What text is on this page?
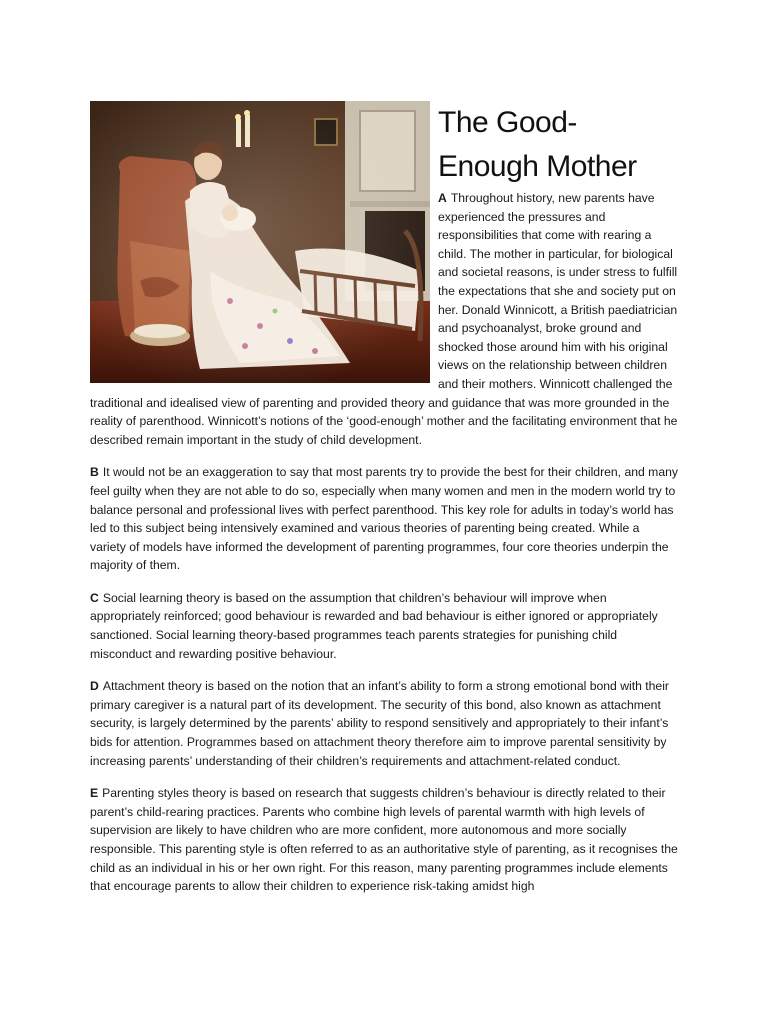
The Good-
Enough Mother

A Throughout history, new parents have experienced the pressures and responsibilities that come with rearing a child. The mother in particular, for biological and societal reasons, is under stress to fulfill the expectations that she and society put on her. Donald Winnicott, a British paediatrician and psychoanalyst, broke ground and shocked those around him with his original views on the relationship between children and their mothers. Winnicott challenged the traditional and idealised view of parenting and provided theory and guidance that was more grounded in the reality of parenthood. Winnicott’s notions of the ‘good-enough’ mother and the facilitating environment that he described remain important in the study of child development.

B It would not be an exaggeration to say that most parents try to provide the best for their children, and many feel guilty when they are not able to do so, especially when many women and men in the modern world try to balance personal and professional lives with perfect parenthood. This key role for adults in today’s world has led to this subject being intensively examined and various theories of parenting being created. While a variety of models have informed the development of parenting programmes, four core theories underpin the majority of them.

C Social learning theory is based on the assumption that children’s behaviour will improve when appropriately reinforced; good behaviour is rewarded and bad behaviour is either ignored or appropriately sanctioned. Social learning theory-based programmes teach parents strategies for punishing child misconduct and rewarding positive behaviour.

D Attachment theory is based on the notion that an infant’s ability to form a strong emotional bond with their primary caregiver is a natural part of its development. The security of this bond, also known as attachment security, is largely determined by the parents’ ability to respond sensitively and appropriately to their infant’s bids for attention. Programmes based on attachment theory therefore aim to improve parental sensitivity by increasing parents’ understanding of their children’s requirements and attachment-related conduct.

E Parenting styles theory is based on research that suggests children’s behaviour is directly related to their parent’s child-rearing practices. Parents who combine high levels of parental warmth with high levels of supervision are likely to have children who are more confident, more autonomous and more socially responsible. This parenting style is often referred to as an authoritative style of parenting, as it recognises the child as an individual in his or her own right. For this reason, many parenting programmes include elements that encourage parents to allow their children to experience risk-taking amidst high
